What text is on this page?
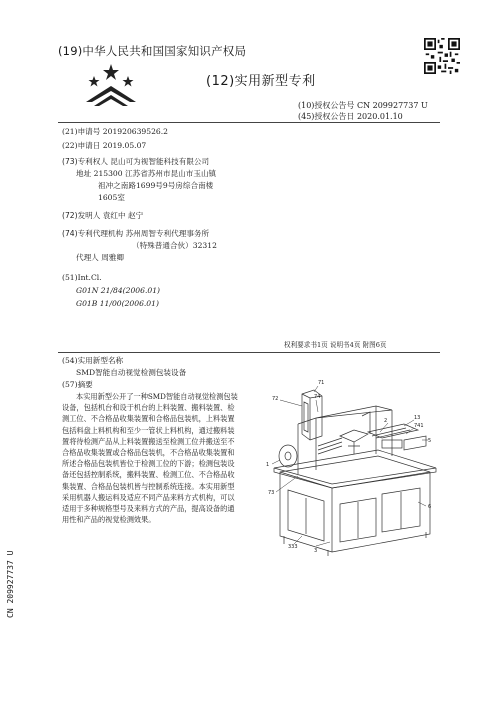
(19)中华人民共和国国家知识产权局
(12)实用新型专利
(10)授权公告号 CN 209927737 U
(45)授权公告日 2020.01.10
(21)申请号 201920639526.2
(22)申请日 2019.05.07
(73)专利权人 昆山可为视智能科技有限公司
地址 215300 江苏省苏州市昆山市玉山镇
祖冲之南路1699号9号房综合南楼
1605室
(72)发明人 袁红中 赵宁
(74)专利代理机构 苏州周智专利代理事务所
（特殊普通合伙）32312
代理人 周雅卿
(51)Int.Cl.
G01N 21/84(2006.01)
G01B 11/00(2006.01)
权利要求书1页 说明书4页 附图6页
(54)实用新型名称
SMD智能自动视觉检测包装设备
(57)摘要
本实用新型公开了一种SMD智能自动视觉检测包装设备，包括机台和设于机台的上料装置、搬料装置、检测工位、不合格品收集装置和合格品包装机，上料装置包括料盘上料机构和至少一管状上料机构，通过搬料装置将待检测产品从上料装置搬送至检测工位并搬送至不合格品收集装置或合格品包装机，不合格品收集装置和所述合格品包装机皆位于检测工位的下游；检测包装设备还包括控制系统，搬料装置、检测工位、不合格品收集装置、合格品包装机皆与控制系统连接。本实用新型采用机器人搬运料及适应不同产品来料方式机构，可以适用于多种规格型号及来料方式的产品，提高设备的通用性和产品的视觉检测效果。
71
72	74
2	13
741
1
5
73
333
3
6
CN 209927737 U
